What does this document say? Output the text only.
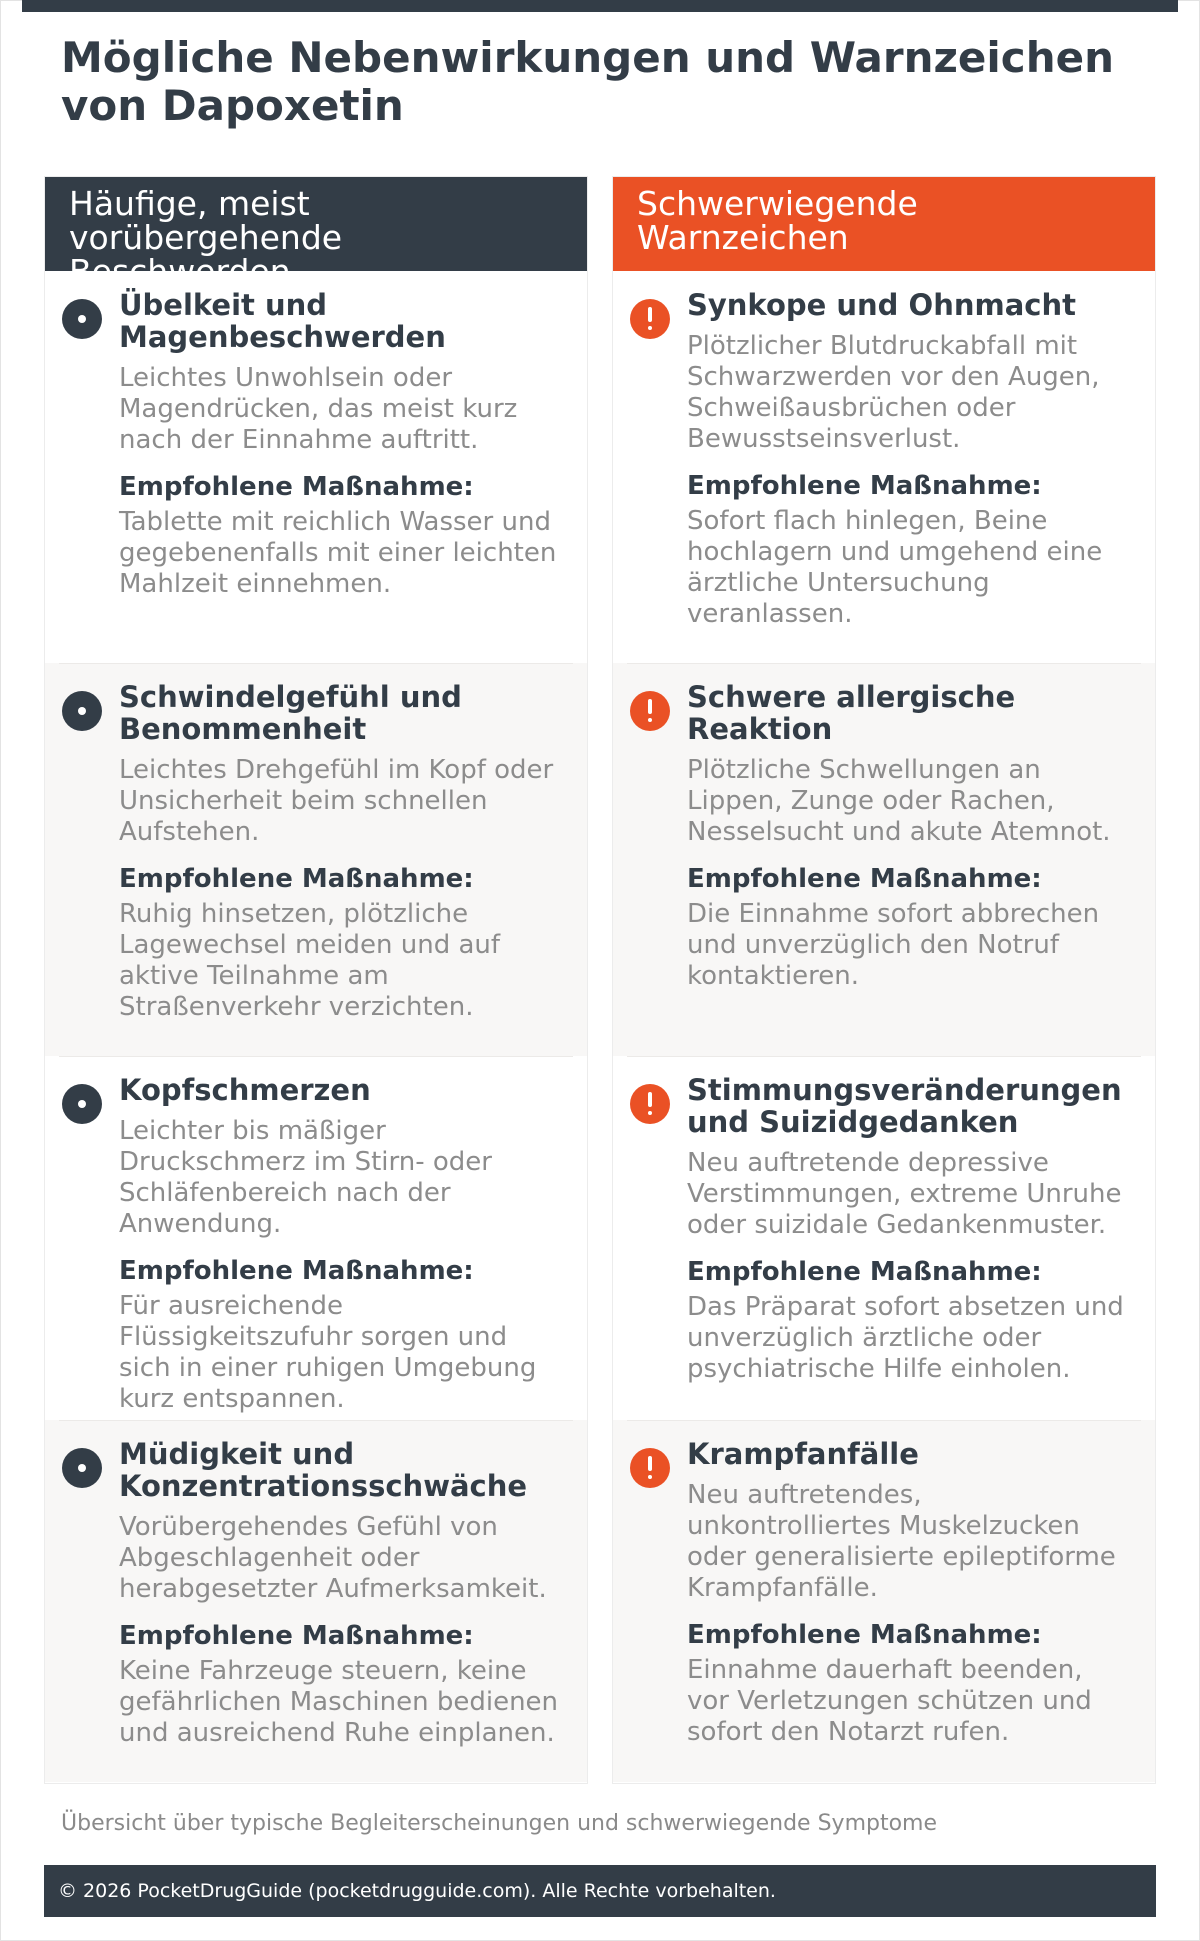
Mögliche Nebenwirkungen und Warnzeichen von Dapoxetin
Häufige, meist vorübergehende Beschwerden
Übelkeit und Magenbeschwerden

Leichtes Unwohlsein oder Magendrücken, das meist kurz nach der Einnahme auftritt.

Empfohlene Maßnahme:

Tablette mit reichlich Wasser und gegebenenfalls mit einer leichten Mahlzeit einnehmen.

Schwindelgefühl und Benommenheit

Leichtes Drehgefühl im Kopf oder Unsicherheit beim schnellen Aufstehen.

Empfohlene Maßnahme:

Ruhig hinsetzen, plötzliche Lagewechsel meiden und auf aktive Teilnahme am Straßenverkehr verzichten.

Kopfschmerzen

Leichter bis mäßiger Druckschmerz im Stirn- oder Schläfenbereich nach der Anwendung.

Empfohlene Maßnahme:

Für ausreichende Flüssigkeitszufuhr sorgen und sich in einer ruhigen Umgebung kurz entspannen.

Müdigkeit und Konzentrationsschwäche

Vorübergehendes Gefühl von Abgeschlagenheit oder herabgesetzter Aufmerksamkeit.

Empfohlene Maßnahme:

Keine Fahrzeuge steuern, keine gefährlichen Maschinen bedienen und ausreichend Ruhe einplanen.

Schwerwiegende Warnzeichen
Synkope und Ohnmacht

Plötzlicher Blutdruckabfall mit Schwarzwerden vor den Augen, Schweißausbrüchen oder Bewusstseinsverlust.

Empfohlene Maßnahme:

Sofort flach hinlegen, Beine hochlagern und umgehend eine ärztliche Untersuchung veranlassen.

Schwere allergische Reaktion

Plötzliche Schwellungen an Lippen, Zunge oder Rachen, Nesselsucht und akute Atemnot.

Empfohlene Maßnahme:

Die Einnahme sofort abbrechen und unverzüglich den Notruf kontaktieren.

Stimmungsveränderungen und Suizidgedanken

Neu auftretende depressive Verstimmungen, extreme Unruhe oder suizidale Gedankenmuster.

Empfohlene Maßnahme:

Das Präparat sofort absetzen und unverzüglich ärztliche oder psychiatrische Hilfe einholen.

Krampfanfälle

Neu auftretendes, unkontrolliertes Muskelzucken oder generalisierte epileptiforme Krampfanfälle.

Empfohlene Maßnahme:

Einnahme dauerhaft beenden, vor Verletzungen schützen und sofort den Notarzt rufen.

Übersicht über typische Begleiterscheinungen und schwerwiegende Symptome

© 2026 PocketDrugGuide (pocketdrugguide.com). Alle Rechte vorbehalten.
